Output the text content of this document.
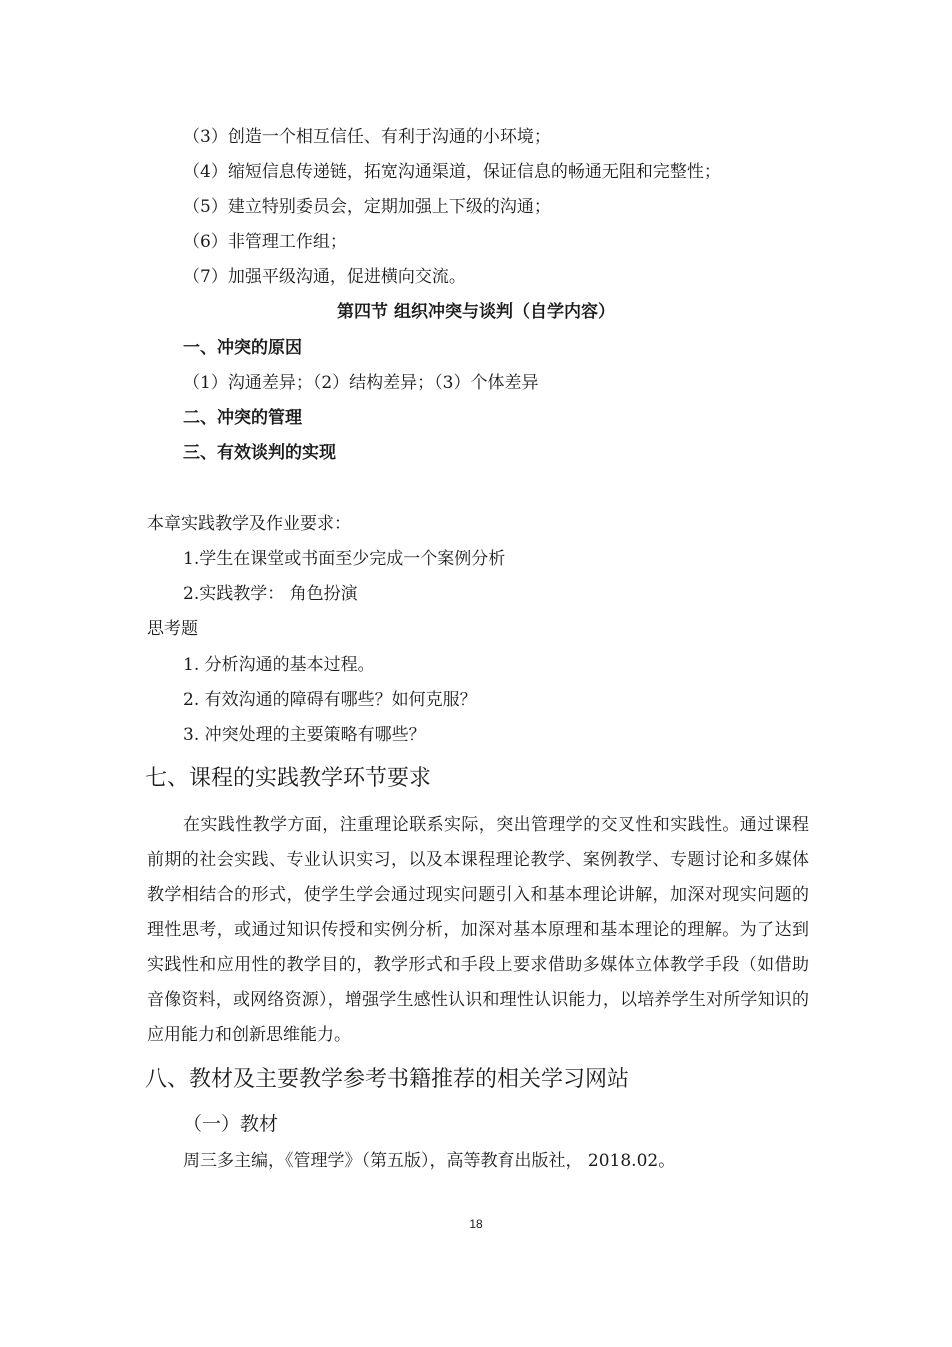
（3）创造一个相互信任、有利于沟通的小环境；
（4）缩短信息传递链，拓宽沟通渠道，保证信息的畅通无阻和完整性；
（5）建立特别委员会，定期加强上下级的沟通；
（6）非管理工作组；
（7）加强平级沟通，促进横向交流。
第四节 组织冲突与谈判（自学内容）
一、冲突的原因
（1）沟通差异；（2）结构差异；（3）个体差异
二、冲突的管理
三、有效谈判的实现
本章实践教学及作业要求：
1.学生在课堂或书面至少完成一个案例分析
2.实践教学： 角色扮演
思考题
1. 分析沟通的基本过程。
2. 有效沟通的障碍有哪些？如何克服？
3. 冲突处理的主要策略有哪些？
七、课程的实践教学环节要求
在实践性教学方面，注重理论联系实际，突出管理学的交叉性和实践性。通过课程前期的社会实践、专业认识实习，以及本课程理论教学、案例教学、专题讨论和多媒体教学相结合的形式，使学生学会通过现实问题引入和基本理论讲解，加深对现实问题的理性思考，或通过知识传授和实例分析，加深对基本原理和基本理论的理解。为了达到实践性和应用性的教学目的，教学形式和手段上要求借助多媒体立体教学手段（如借助音像资料，或网络资源），增强学生感性认识和理性认识能力，以培养学生对所学知识的应用能力和创新思维能力。
八、教材及主要教学参考书籍推荐的相关学习网站
（一）教材
周三多主编，《管理学》（第五版），高等教育出版社， 2018.02。
18
